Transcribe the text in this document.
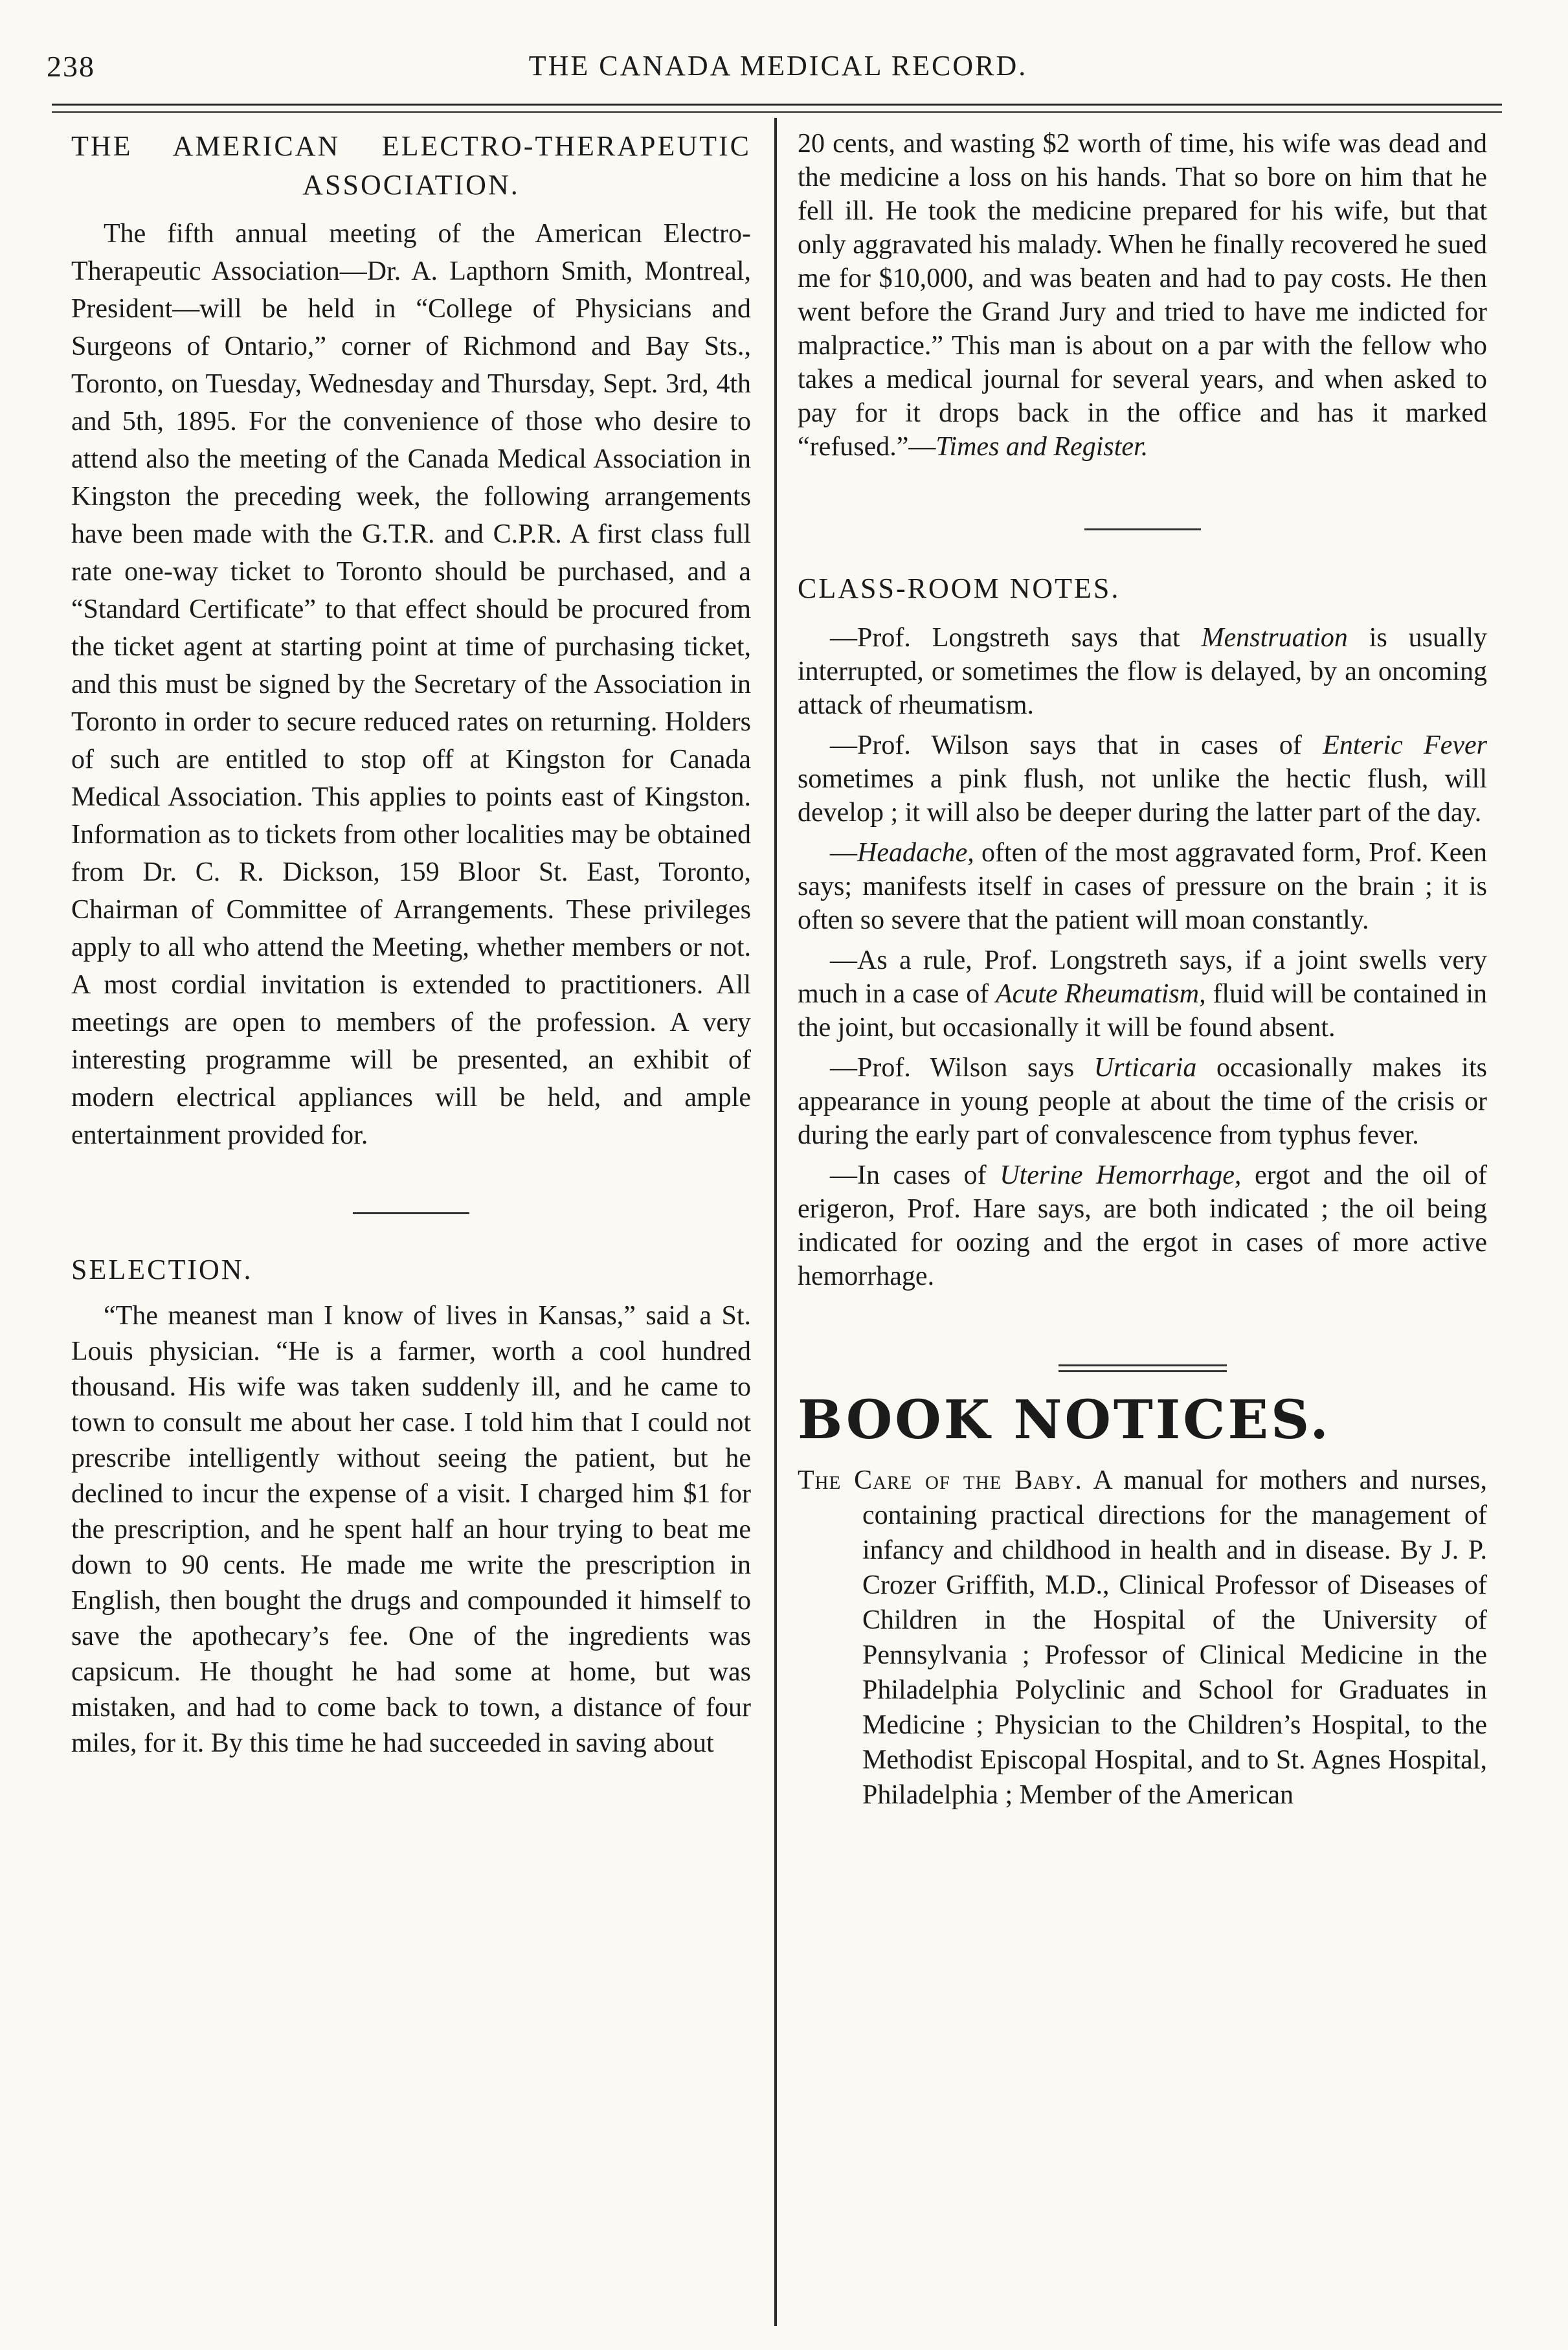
238	THE CANADA MEDICAL RECORD.

THE AMERICAN ELECTRO-THERAPEUTIC ASSOCIATION.

The fifth annual meeting of the American Electro-Therapeutic Association—Dr. A. Lapthorn Smith, Montreal, President—will be held in “College of Physicians and Surgeons of Ontario,” corner of Richmond and Bay Sts., Toronto, on Tuesday, Wednesday and Thursday, Sept. 3rd, 4th and 5th, 1895. For the convenience of those who desire to attend also the meeting of the Canada Medical Association in Kingston the preceding week, the following arrangements have been made with the G.T.R. and C.P.R. A first class full rate one-way ticket to Toronto should be purchased, and a “Standard Certificate” to that effect should be procured from the ticket agent at starting point at time of purchasing ticket, and this must be signed by the Secretary of the Association in Toronto in order to secure reduced rates on returning. Holders of such are entitled to stop off at Kingston for Canada Medical Association. This applies to points east of Kingston. Information as to tickets from other localities may be obtained from Dr. C. R. Dickson, 159 Bloor St. East, Toronto, Chairman of Committee of Arrangements. These privileges apply to all who attend the Meeting, whether members or not. A most cordial invitation is extended to practitioners. All meetings are open to members of the profession. A very interesting programme will be presented, an exhibit of modern electrical appliances will be held, and ample entertainment provided for.

SELECTION.

“The meanest man I know of lives in Kansas,” said a St. Louis physician. “He is a farmer, worth a cool hundred thousand. His wife was taken suddenly ill, and he came to town to consult me about her case. I told him that I could not prescribe intelligently without seeing the patient, but he declined to incur the expense of a visit. I charged him $1 for the prescription, and he spent half an hour trying to beat me down to 90 cents. He made me write the prescription in English, then bought the drugs and compounded it himself to save the apothecary’s fee. One of the ingredients was capsicum. He thought he had some at home, but was mistaken, and had to come back to town, a distance of four miles, for it. By this time he had succeeded in saving about

20 cents, and wasting $2 worth of time, his wife was dead and the medicine a loss on his hands. That so bore on him that he fell ill. He took the medicine prepared for his wife, but that only aggravated his malady. When he finally recovered he sued me for $10,000, and was beaten and had to pay costs. He then went before the Grand Jury and tried to have me indicted for malpractice.” This man is about on a par with the fellow who takes a medical journal for several years, and when asked to pay for it drops back in the office and has it marked “refused.”—Times and Register.

CLASS-ROOM NOTES.

—Prof. Longstreth says that Menstruation is usually interrupted, or sometimes the flow is delayed, by an oncoming attack of rheumatism.

—Prof. Wilson says that in cases of Enteric Fever sometimes a pink flush, not unlike the hectic flush, will develop ; it will also be deeper during the latter part of the day.

—Headache, often of the most aggravated form, Prof. Keen says; manifests itself in cases of pressure on the brain ; it is often so severe that the patient will moan constantly.

—As a rule, Prof. Longstreth says, if a joint swells very much in a case of Acute Rheumatism, fluid will be contained in the joint, but occasionally it will be found absent.

—Prof. Wilson says Urticaria occasionally makes its appearance in young people at about the time of the crisis or during the early part of convalescence from typhus fever.

—In cases of Uterine Hemorrhage, ergot and the oil of erigeron, Prof. Hare says, are both indicated ; the oil being indicated for oozing and the ergot in cases of more active hemorrhage.

BOOK NOTICES.

The Care of the Baby. A manual for mothers and nurses, containing practical directions for the management of infancy and childhood in health and in disease. By J. P. Crozer Griffith, M.D., Clinical Professor of Diseases of Children in the Hospital of the University of Pennsylvania ; Professor of Clinical Medicine in the Philadelphia Polyclinic and School for Graduates in Medicine ; Physician to the Children’s Hospital, to the Methodist Episcopal Hospital, and to St. Agnes Hospital, Philadelphia ; Member of the American
